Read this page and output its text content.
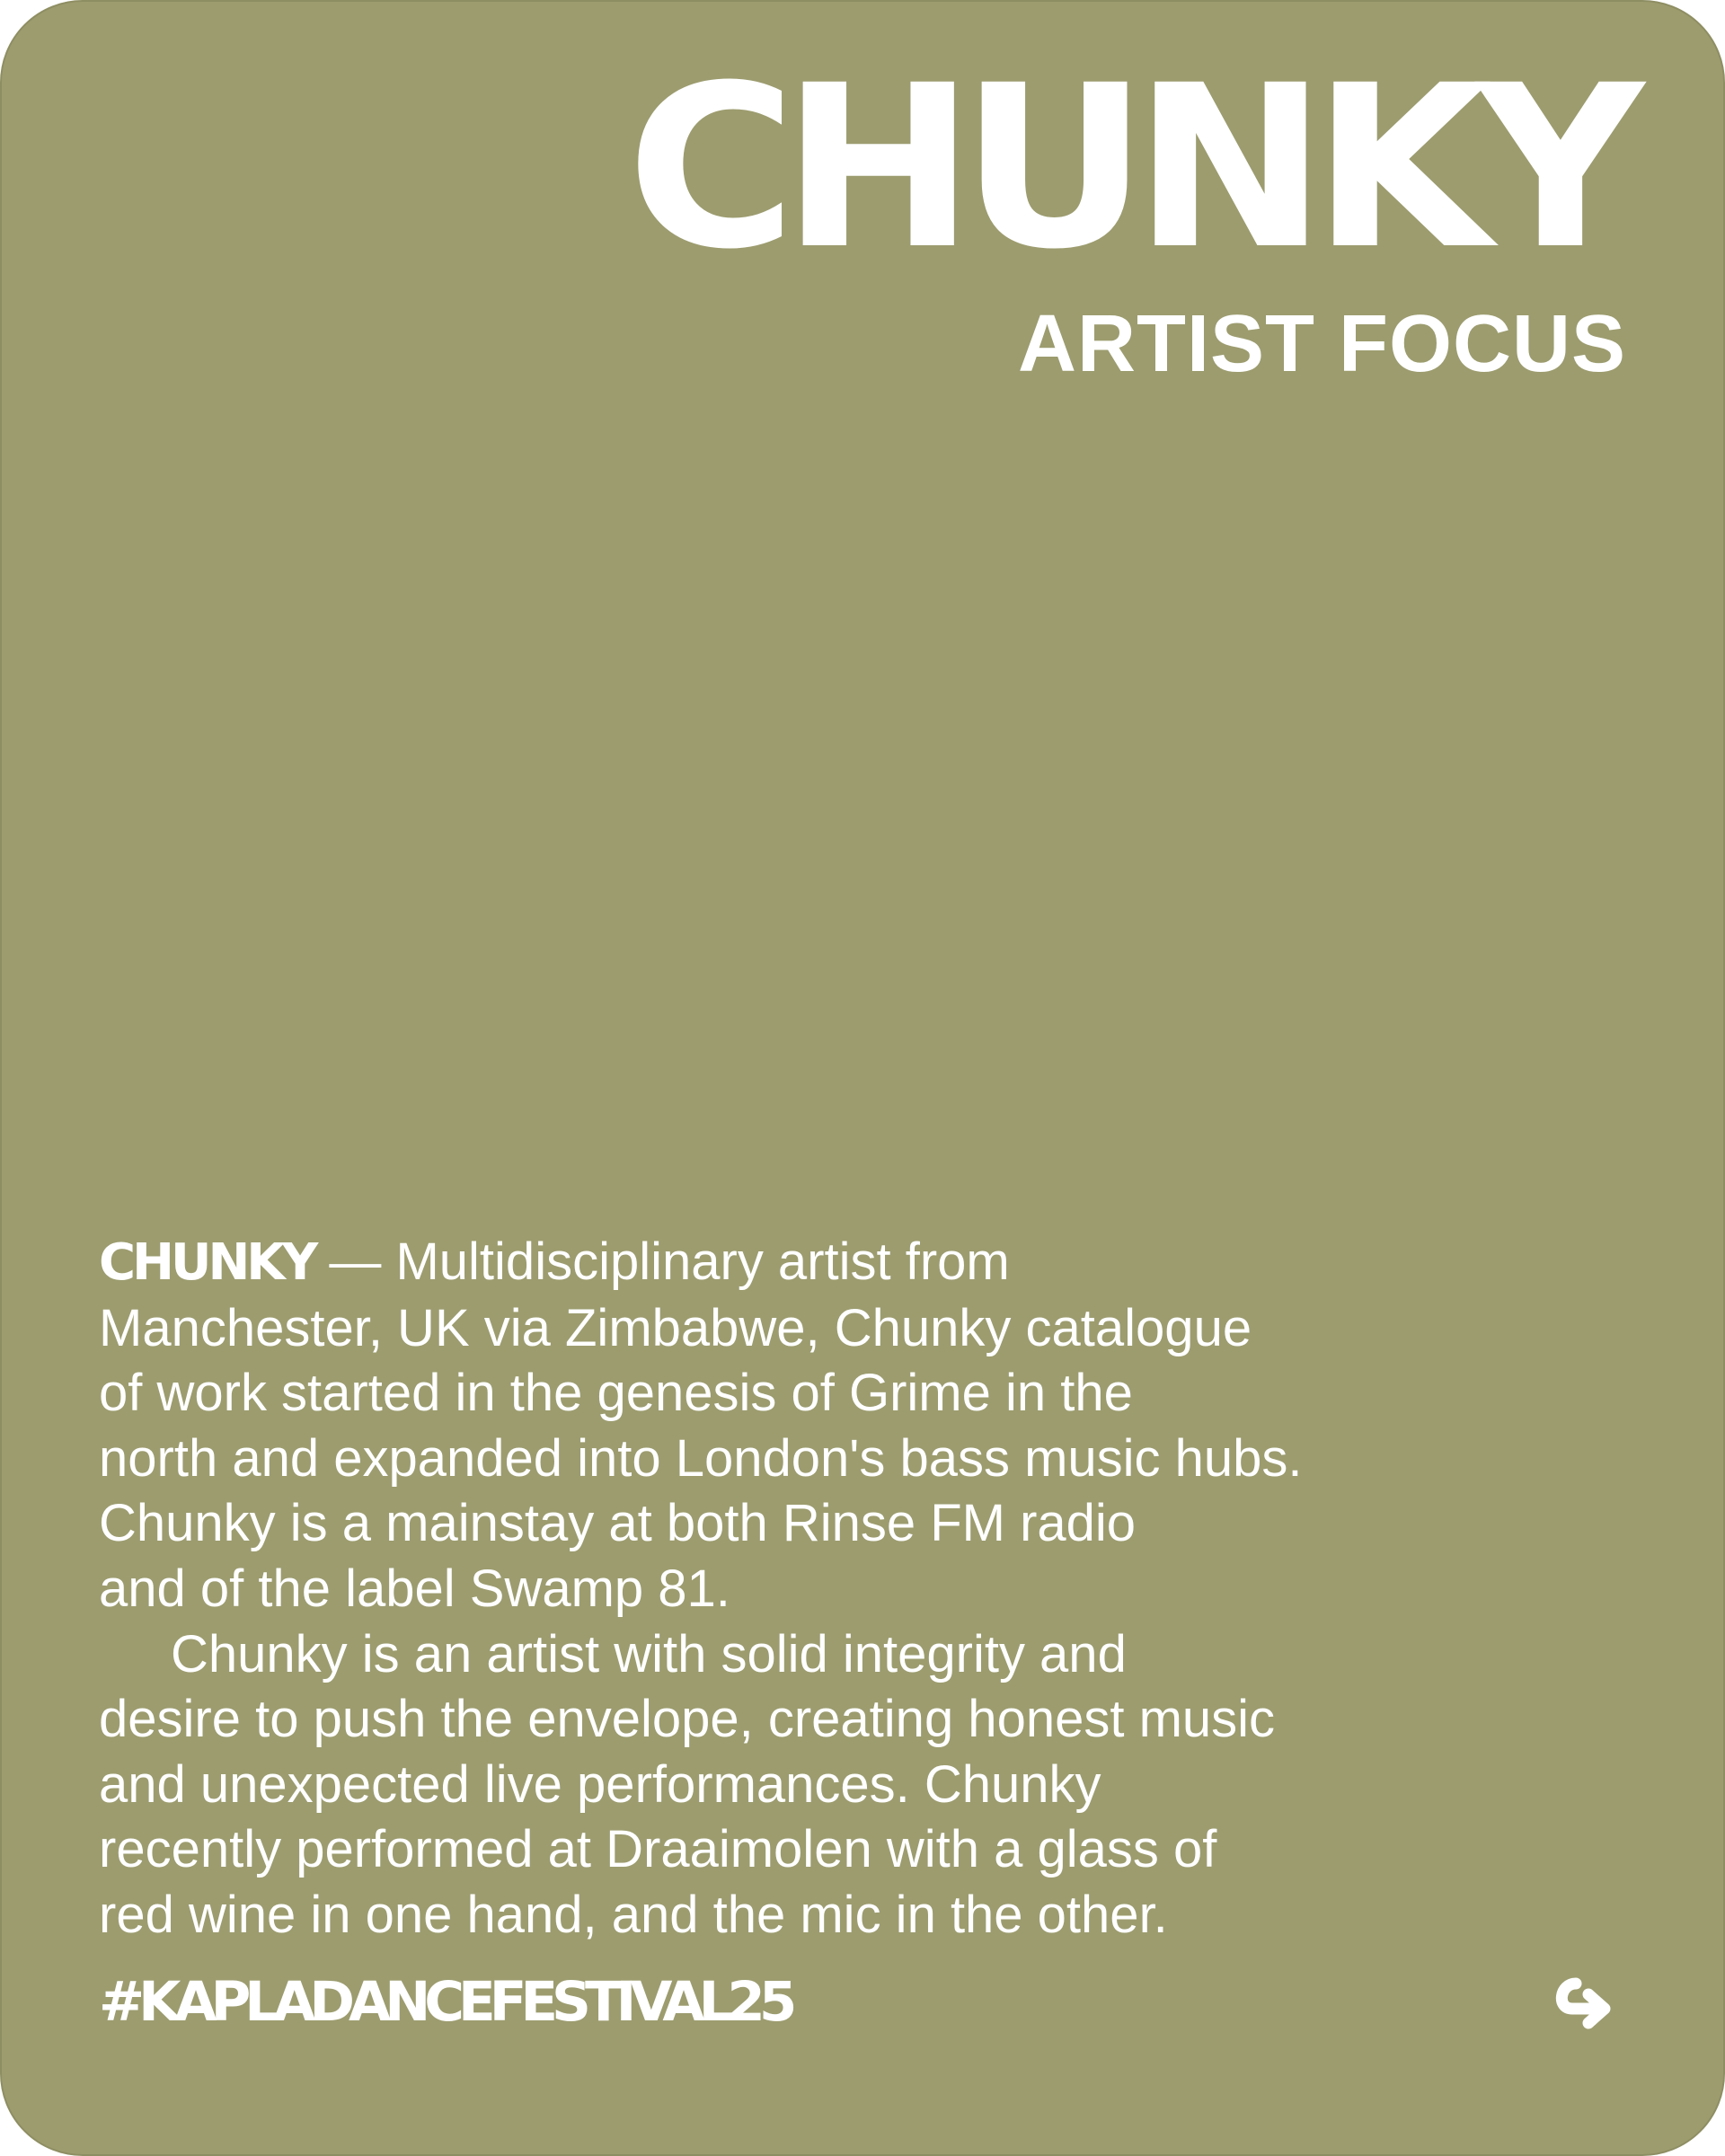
CHUNKY
ARTIST FOCUS
CHUNKY — Multidisciplinary artist from
Manchester, UK via Zimbabwe, Chunky catalogue
of work started in the genesis of Grime in the
north and expanded into London's bass music hubs.
Chunky is a mainstay at both Rinse FM radio
and of the label Swamp 81.
Chunky is an artist with solid integrity and
desire to push the envelope, creating honest music
and unexpected live performances. Chunky
recently performed at Draaimolen with a glass of
red wine in one hand, and the mic in the other.
#KAPLADANCEFESTIVAL25
